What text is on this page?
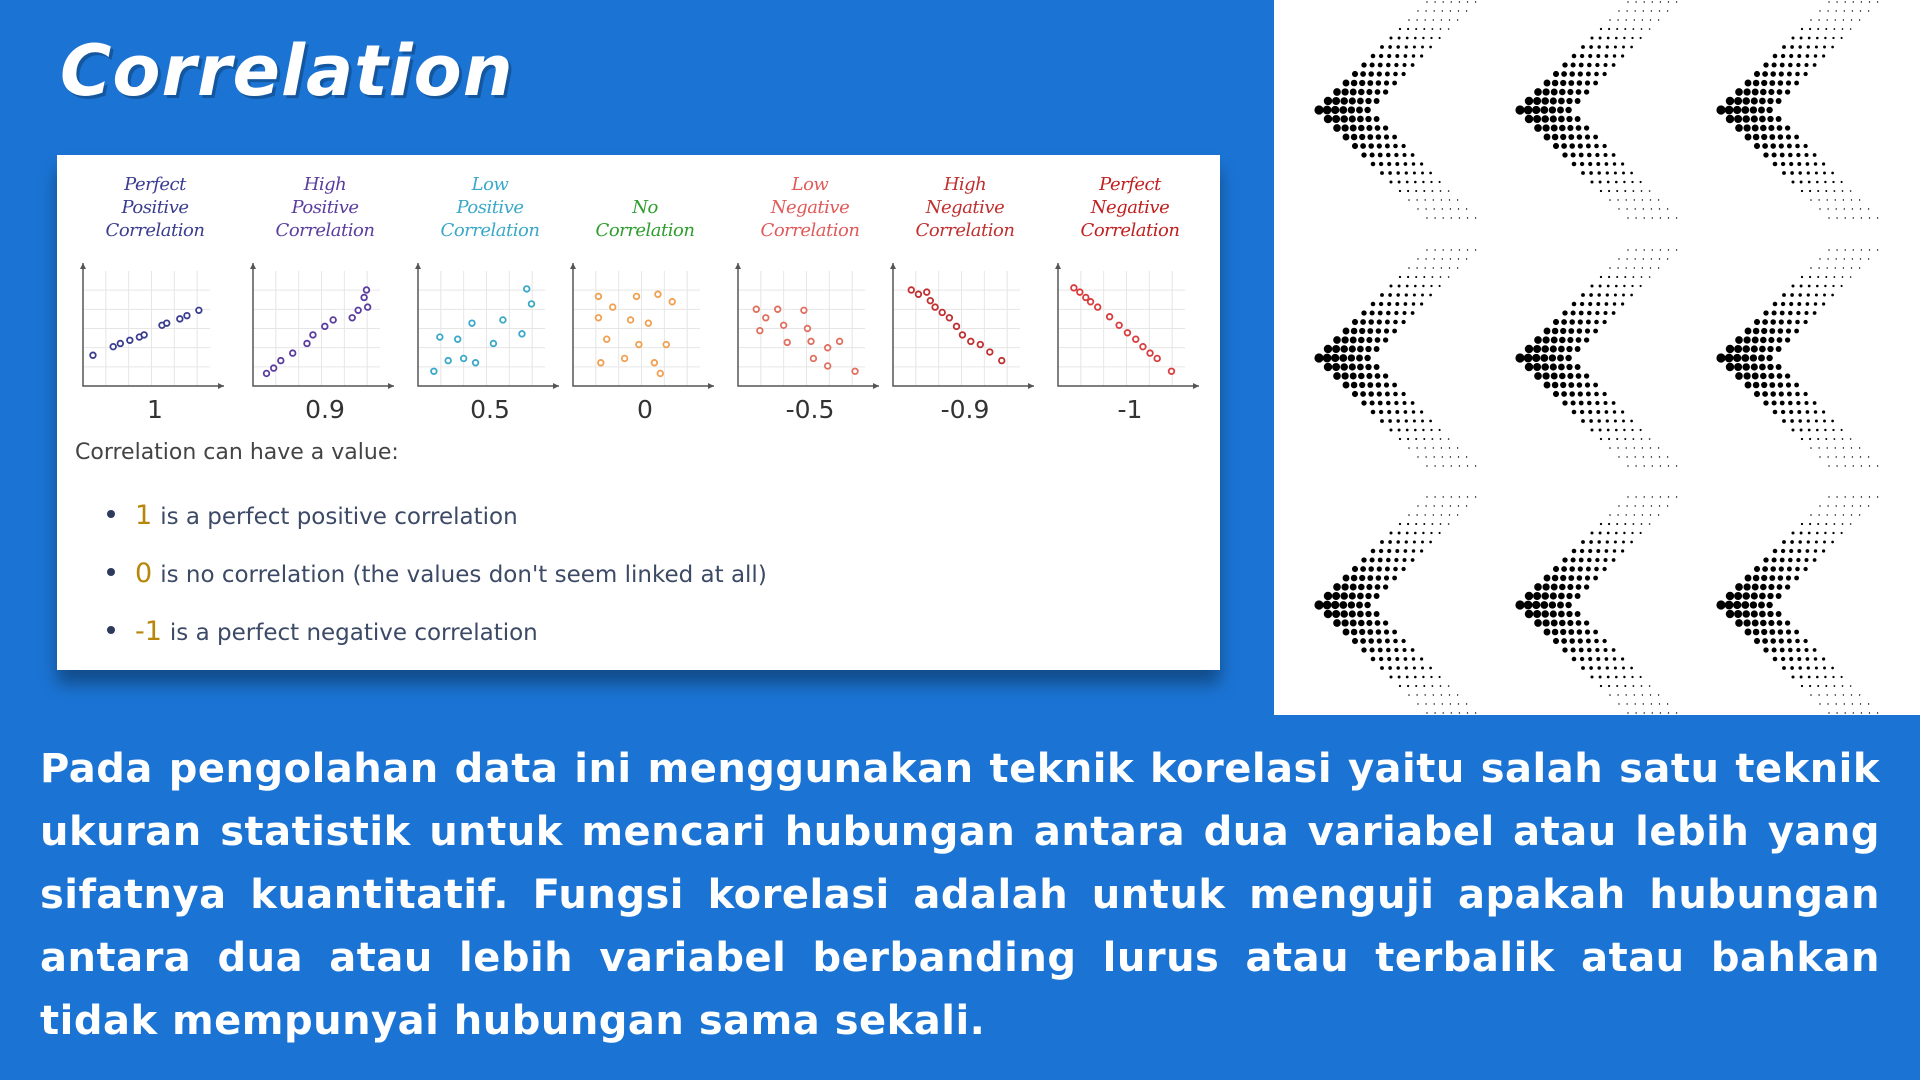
Correlation
Perfect
Positive
Correlation
1
High
Positive
Correlation
0.9
Low
Positive
Correlation
0.5
No
Correlation
0
Low
Negative
Correlation
-0.5
High
Negative
Correlation
-0.9
Perfect
Negative
Correlation
-1

Correlation can have a value:

1 is a perfect positive correlation
0 is no correlation (the values don't seem linked at all)
-1 is a perfect negative correlation

Pada pengolahan data ini menggunakan teknik korelasi yaitu salah satu teknik ukuran statistik untuk mencari hubungan antara dua variabel atau lebih yang sifatnya kuantitatif. Fungsi korelasi adalah untuk menguji apakah hubungan antara dua atau lebih variabel berbanding lurus atau terbalik atau bahkan tidak mempunyai hubungan sama sekali.
